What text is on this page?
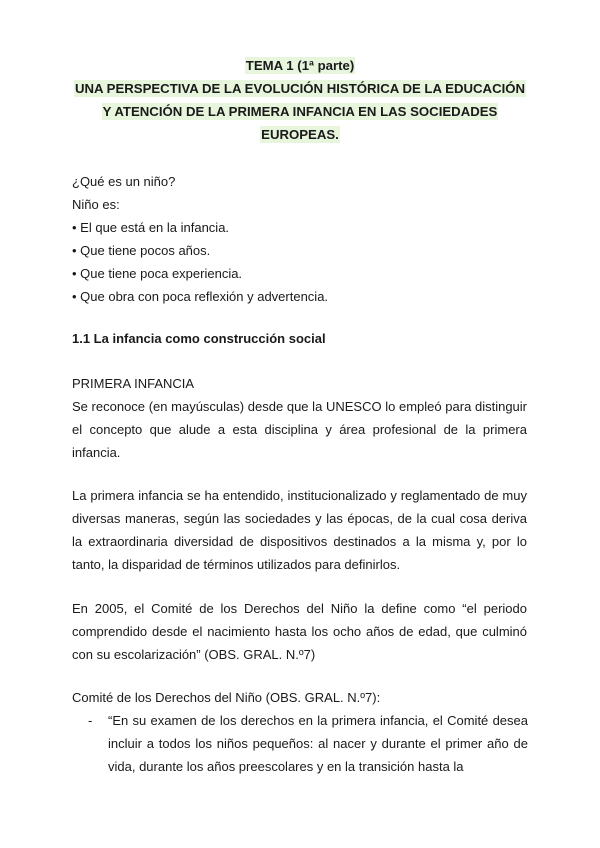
TEMA 1 (1ª parte)
UNA PERSPECTIVA DE LA EVOLUCIÓN HISTÓRICA DE LA EDUCACIÓN
Y ATENCIÓN DE LA PRIMERA INFANCIA EN LAS SOCIEDADES
EUROPEAS.
¿Qué es un niño?
Niño es:
• El que está en la infancia.
• Que tiene pocos años.
• Que tiene poca experiencia.
• Que obra con poca reflexión y advertencia.
1.1 La infancia como construcción social
PRIMERA INFANCIA

Se reconoce (en mayúsculas) desde que la UNESCO lo empleó para distinguir el concepto que alude a esta disciplina y área profesional de la primera infancia.

La primera infancia se ha entendido, institucionalizado y reglamentado de muy diversas maneras, según las sociedades y las épocas, de la cual cosa deriva la extraordinaria diversidad de dispositivos destinados a la misma y, por lo tanto, la disparidad de términos utilizados para definirlos.

En 2005, el Comité de los Derechos del Niño la define como “el periodo comprendido desde el nacimiento hasta los ocho años de edad, que culminó con su escolarización” (OBS. GRAL. N.º7)

Comité de los Derechos del Niño (OBS. GRAL. N.º7):
- “En su examen de los derechos en la primera infancia, el Comité desea incluir a todos los niños pequeños: al nacer y durante el primer año de vida, durante los años preescolares y en la transición hasta la
